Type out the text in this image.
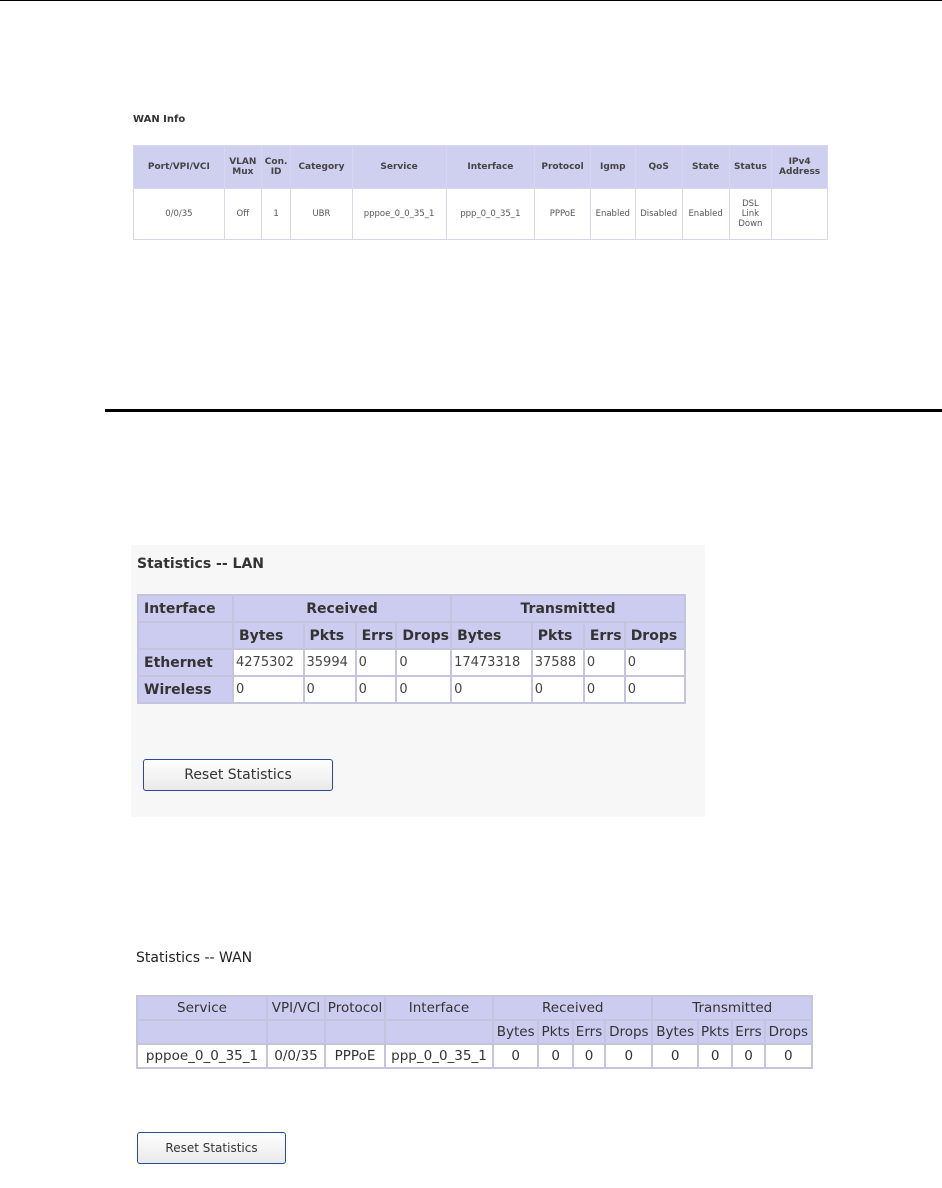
WAN Info
Port/VPI/VCI	VLAN Mux	Con. ID	Category	Service	Interface	Protocol	Igmp	QoS	State	Status	IPv4 Address
0/0/35	Off	1	UBR	pppoe_0_0_35_1	ppp_0_0_35_1	PPPoE	Enabled	Disabled	Enabled	DSL Link Down	
Statistics -- LAN
Interface	Received				Transmitted			
	Bytes	Pkts	Errs	Drops	Bytes	Pkts	Errs	Drops
Ethernet	4275302	35994	0	0	17473318	37588	0	0
Wireless	0	0	0	0	0	0	0	0
Reset Statistics
Statistics -- WAN
Service	VPI/VCI	Protocol	Interface	Received				Transmitted			
				Bytes	Pkts	Errs	Drops	Bytes	Pkts	Errs	Drops
pppoe_0_0_35_1	0/0/35	PPPoE	ppp_0_0_35_1	0	0	0	0	0	0	0	0
Reset Statistics
